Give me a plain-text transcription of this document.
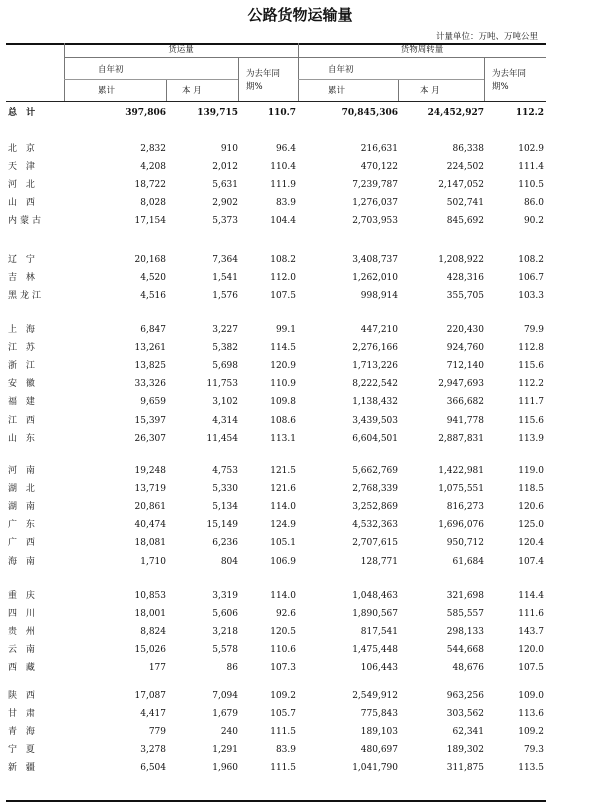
公路货物运输量
计量单位：万吨、万吨公里
货运量	货物周转量
自年初	自年初
累计	本 月	累计	本 月
为去年同
期%
为去年同
期%
总 计	397,806	139,715	110.7	70,845,306	24,452,927	112.2
北 京	2,832	910	96.4	216,631	86,338	102.9
天 津	4,208	2,012	110.4	470,122	224,502	111.4
河 北	18,722	5,631	111.9	7,239,787	2,147,052	110.5
山 西	8,028	2,902	83.9	1,276,037	502,741	86.0
内蒙古	17,154	5,373	104.4	2,703,953	845,692	90.2
辽 宁	20,168	7,364	108.2	3,408,737	1,208,922	108.2
吉 林	4,520	1,541	112.0	1,262,010	428,316	106.7
黑龙江	4,516	1,576	107.5	998,914	355,705	103.3
上 海	6,847	3,227	99.1	447,210	220,430	79.9
江 苏	13,261	5,382	114.5	2,276,166	924,760	112.8
浙 江	13,825	5,698	120.9	1,713,226	712,140	115.6
安 徽	33,326	11,753	110.9	8,222,542	2,947,693	112.2
福 建	9,659	3,102	109.8	1,138,432	366,682	111.7
江 西	15,397	4,314	108.6	3,439,503	941,778	115.6
山 东	26,307	11,454	113.1	6,604,501	2,887,831	113.9
河 南	19,248	4,753	121.5	5,662,769	1,422,981	119.0
湖 北	13,719	5,330	121.6	2,768,339	1,075,551	118.5
湖 南	20,861	5,134	114.0	3,252,869	816,273	120.6
广 东	40,474	15,149	124.9	4,532,363	1,696,076	125.0
广 西	18,081	6,236	105.1	2,707,615	950,712	120.4
海 南	1,710	804	106.9	128,771	61,684	107.4
重 庆	10,853	3,319	114.0	1,048,463	321,698	114.4
四 川	18,001	5,606	92.6	1,890,567	585,557	111.6
贵 州	8,824	3,218	120.5	817,541	298,133	143.7
云 南	15,026	5,578	110.6	1,475,448	544,668	120.0
西 藏	177	86	107.3	106,443	48,676	107.5
陕 西	17,087	7,094	109.2	2,549,912	963,256	109.0
甘 肃	4,417	1,679	105.7	775,843	303,562	113.6
青 海	779	240	111.5	189,103	62,341	109.2
宁 夏	3,278	1,291	83.9	480,697	189,302	79.3
新 疆	6,504	1,960	111.5	1,041,790	311,875	113.5
